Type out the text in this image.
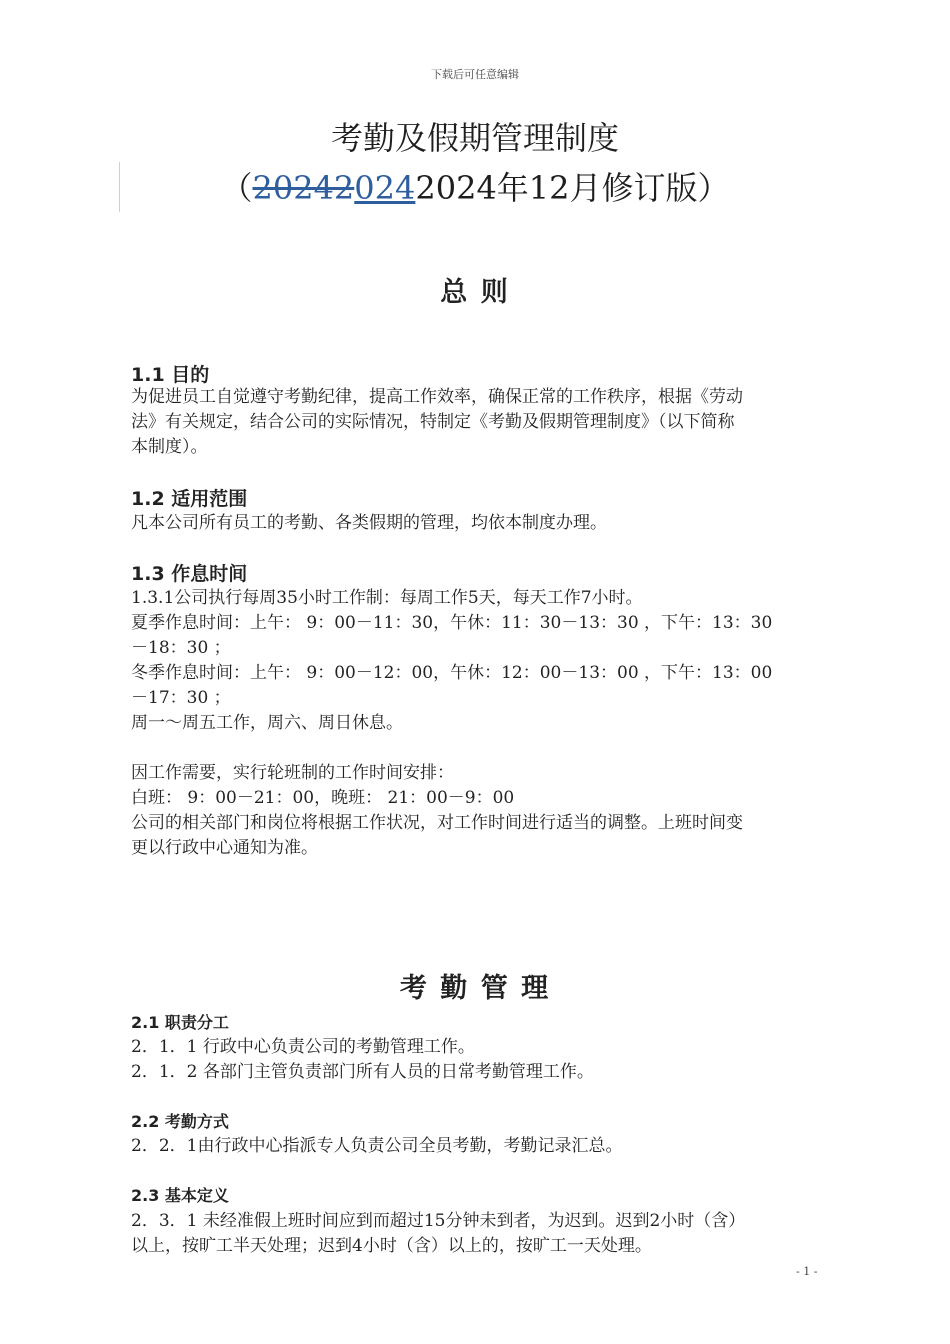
下载后可任意编辑
考勤及假期管理制度
（202420242024年12月修订版）
总 则
1.1 目的
为促进员工自觉遵守考勤纪律，提高工作效率，确保正常的工作秩序，根据《劳动
法》有关规定，结合公司的实际情况，特制定《考勤及假期管理制度》（以下简称
本制度）。
1.2 适用范围
凡本公司所有员工的考勤、各类假期的管理，均依本制度办理。
1.3 作息时间
1.3.1公司执行每周35小时工作制：每周工作5天，每天工作7小时。
夏季作息时间：上午： 9：00－11：30，午休：11：30－13：30 ，下午：13：30
－18：30 ；
冬季作息时间：上午： 9：00－12：00，午休：12：00－13：00 ，下午：13：00
－17：30 ；
周一～周五工作，周六、周日休息。
因工作需要，实行轮班制的工作时间安排：
白班： 9：00－21：00，晚班： 21：00－9：00
公司的相关部门和岗位将根据工作状况，对工作时间进行适当的调整。上班时间变
更以行政中心通知为准。
考 勤 管 理
2.1 职责分工
2．1．1 行政中心负责公司的考勤管理工作。
2．1．2 各部门主管负责部门所有人员的日常考勤管理工作。
2.2 考勤方式
2．2．1由行政中心指派专人负责公司全员考勤，考勤记录汇总。
2.3 基本定义
2．3．1 未经准假上班时间应到而超过15分钟未到者，为迟到。迟到2小时（含）
以上，按旷工半天处理；迟到4小时（含）以上的，按旷工一天处理。
- 1 -
